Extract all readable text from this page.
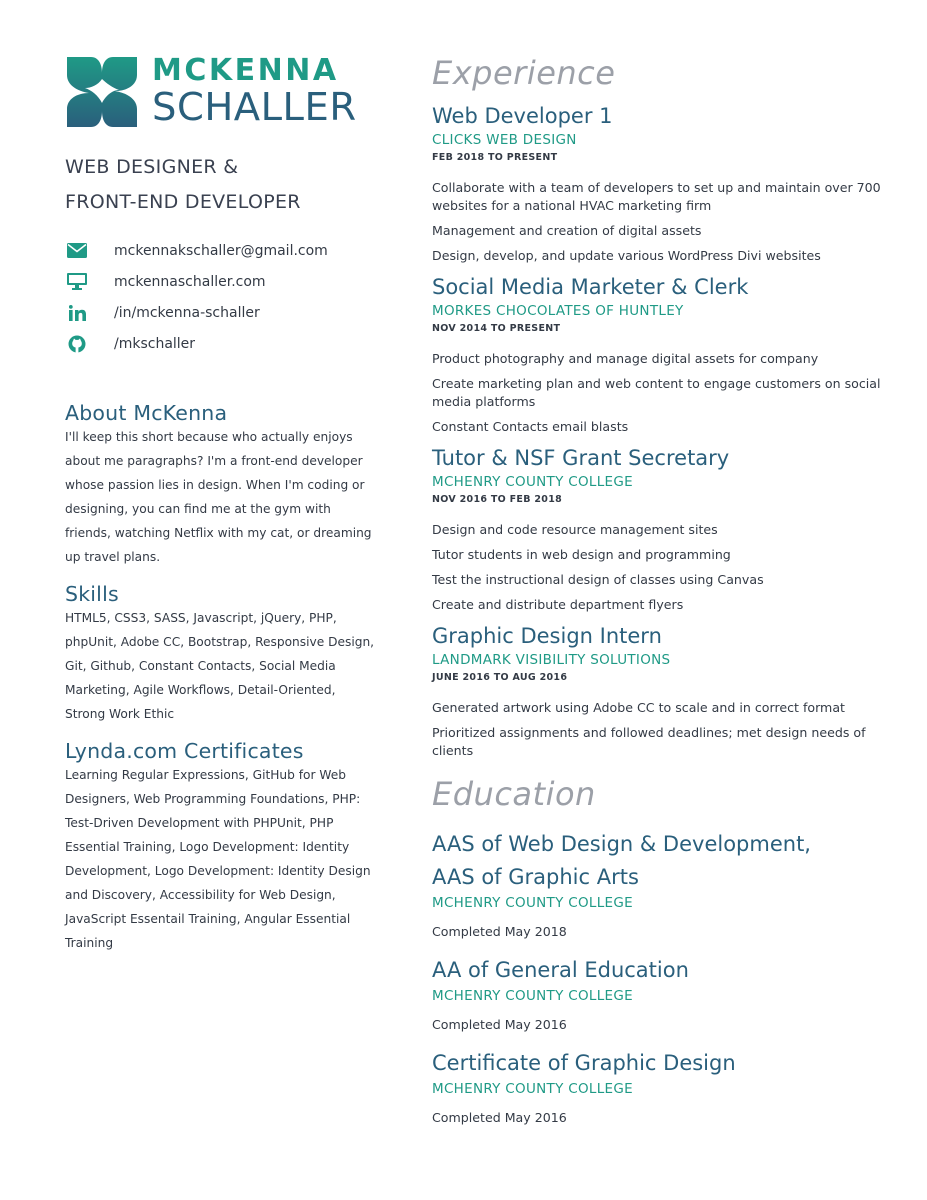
MCKENNA
SCHALLER
WEB DESIGNER &
FRONT-END DEVELOPER
mckennakschaller@gmail.com
mckennaschaller.com
/in/mckenna-schaller
/mkschaller
About McKenna

I'll keep this short because who actually enjoys about me paragraphs? I'm a front-end developer whose passion lies in design. When I'm coding or designing, you can find me at the gym with friends, watching Netflix with my cat, or dreaming up travel plans.

Skills

HTML5, CSS3, SASS, Javascript, jQuery, PHP, phpUnit, Adobe CC, Bootstrap, Responsive Design, Git, Github, Constant Contacts, Social Media Marketing, Agile Workflows, Detail-Oriented, Strong Work Ethic

Lynda.com Certificates

Learning Regular Expressions, GitHub for Web Designers, Web Programming Foundations, PHP: Test-Driven Development with PHPUnit, PHP Essential Training, Logo Development: Identity Development, Logo Development: Identity Design and Discovery, Accessibility for Web Design, JavaScript Essentail Training, Angular Essential Training

Experience
Web Developer 1
CLICKS WEB DESIGN
FEB 2018 TO PRESENT
Collaborate with a team of developers to set up and maintain over 700 websites for a national HVAC marketing firm
Management and creation of digital assets
Design, develop, and update various WordPress Divi websites
Social Media Marketer & Clerk
MORKES CHOCOLATES OF HUNTLEY
NOV 2014 TO PRESENT
Product photography and manage digital assets for company
Create marketing plan and web content to engage customers on social media platforms
Constant Contacts email blasts
Tutor & NSF Grant Secretary
MCHENRY COUNTY COLLEGE
NOV 2016 TO FEB 2018
Design and code resource management sites
Tutor students in web design and programming
Test the instructional design of classes using Canvas
Create and distribute department flyers
Graphic Design Intern
LANDMARK VISIBILITY SOLUTIONS
JUNE 2016 TO AUG 2016
Generated artwork using Adobe CC to scale and in correct format
Prioritized assignments and followed deadlines; met design needs of clients
Education
AAS of Web Design & Development,
AAS of Graphic Arts
MCHENRY COUNTY COLLEGE
Completed May 2018
AA of General Education
MCHENRY COUNTY COLLEGE
Completed May 2016
Certificate of Graphic Design
MCHENRY COUNTY COLLEGE
Completed May 2016
